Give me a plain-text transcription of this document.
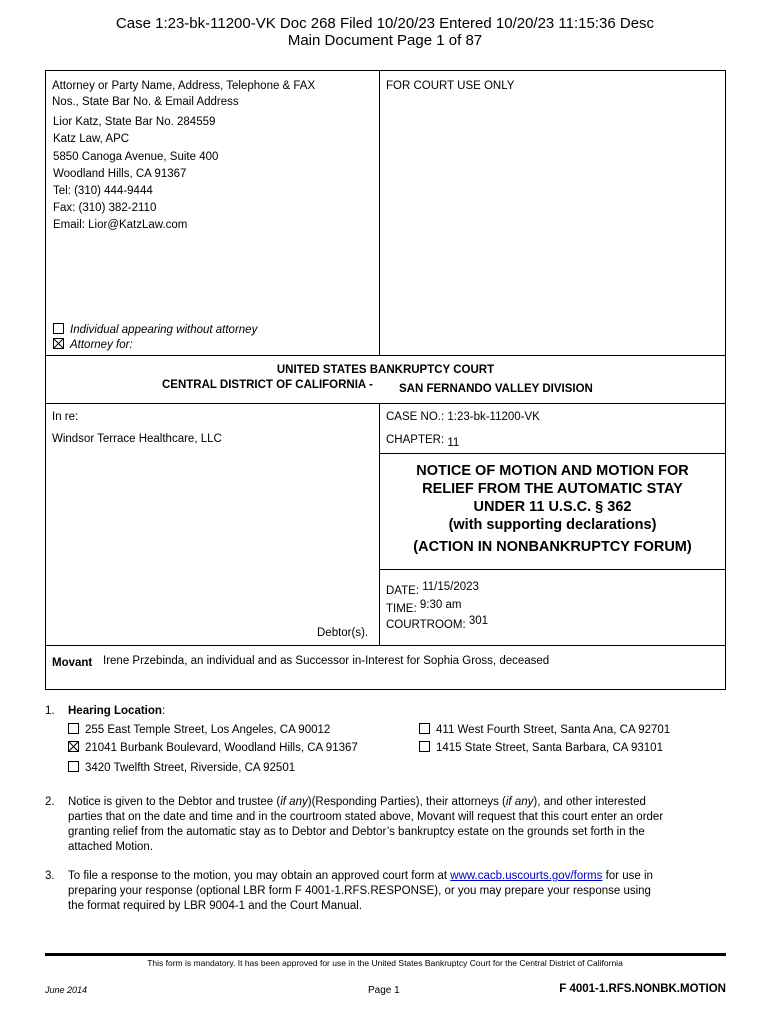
Case 1:23-bk-11200-VK Doc 268 Filed 10/20/23 Entered 10/20/23 11:15:36 Desc
Main Document Page 1 of 87
Attorney or Party Name, Address, Telephone & FAX
Nos., State Bar No. & Email Address
Lior Katz, State Bar No. 284559
Katz Law, APC
5850 Canoga Avenue, Suite 400
Woodland Hills, CA 91367
Tel: (310) 444-9444
Fax: (310) 382-2110
Email: Lior@KatzLaw.com
Individual appearing without attorney
Attorney for:
FOR COURT USE ONLY
UNITED STATES BANKRUPTCY COURT
CENTRAL DISTRICT OF CALIFORNIA - SAN FERNANDO VALLEY DIVISION
In re:
Windsor Terrace Healthcare, LLC
Debtor(s).
CASE NO.: 1:23-bk-11200-VK
CHAPTER: 11
NOTICE OF MOTION AND MOTION FOR
RELIEF FROM THE AUTOMATIC STAY
UNDER 11 U.S.C. § 362
(with supporting declarations)
(ACTION IN NONBANKRUPTCY FORUM)
DATE: 11/15/2023
TIME: 9:30 am
COURTROOM: 301
Movant Irene Przebinda, an individual and as Successor in-Interest for Sophia Gross, deceased
1. Hearing Location:
255 East Temple Street, Los Angeles, CA 90012
21041 Burbank Boulevard, Woodland Hills, CA 91367
3420 Twelfth Street, Riverside, CA 92501
411 West Fourth Street, Santa Ana, CA 92701
1415 State Street, Santa Barbara, CA 93101
2. Notice is given to the Debtor and trustee (if any)(Responding Parties), their attorneys (if any), and other interested
parties that on the date and time and in the courtroom stated above, Movant will request that this court enter an order
granting relief from the automatic stay as to Debtor and Debtor’s bankruptcy estate on the grounds set forth in the
attached Motion.
3. To file a response to the motion, you may obtain an approved court form at www.cacb.uscourts.gov/forms for use in
preparing your response (optional LBR form F 4001-1.RFS.RESPONSE), or you may prepare your response using
the format required by LBR 9004-1 and the Court Manual.
This form is mandatory. It has been approved for use in the United States Bankruptcy Court for the Central District of California
June 2014	Page 1	F 4001-1.RFS.NONBK.MOTION
